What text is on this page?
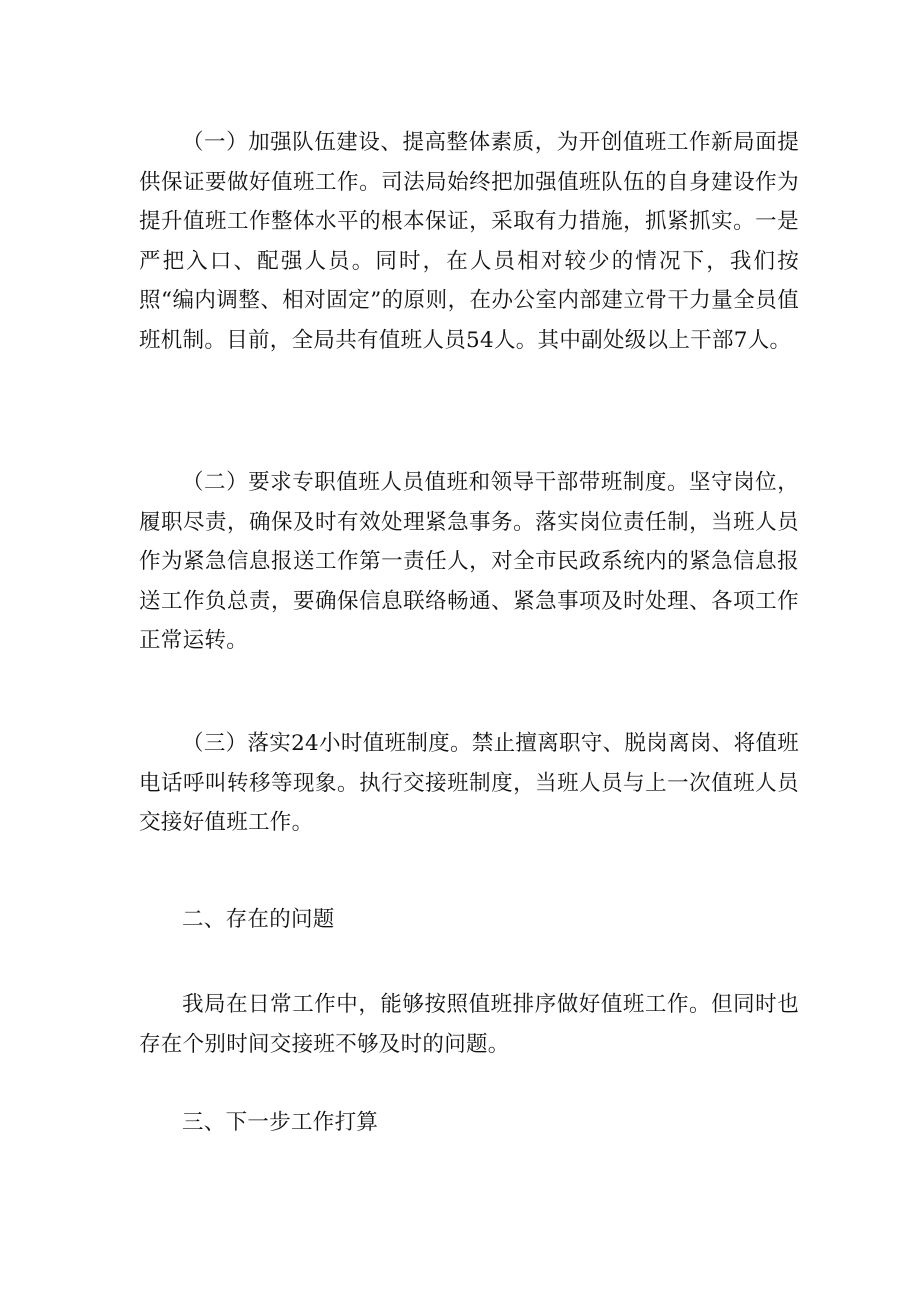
（一）加强队伍建设、提高整体素质，为开创值班工作新局面提供保证要做好值班工作。司法局始终把加强值班队伍的自身建设作为提升值班工作整体水平的根本保证，采取有力措施，抓紧抓实。一是严把入口、配强人员。同时，在人员相对较少的情况下，我们按照“编内调整、相对固定”的原则，在办公室内部建立骨干力量全员值班机制。目前，全局共有值班人员54人。其中副处级以上干部7人。

（二）要求专职值班人员值班和领导干部带班制度。坚守岗位，履职尽责，确保及时有效处理紧急事务。落实岗位责任制，当班人员作为紧急信息报送工作第一责任人，对全市民政系统内的紧急信息报送工作负总责，要确保信息联络畅通、紧急事项及时处理、各项工作正常运转。

（三）落实24小时值班制度。禁止擅离职守、脱岗离岗、将值班电话呼叫转移等现象。执行交接班制度，当班人员与上一次值班人员交接好值班工作。

二、存在的问题

我局在日常工作中，能够按照值班排序做好值班工作。但同时也存在个别时间交接班不够及时的问题。

三、下一步工作打算
